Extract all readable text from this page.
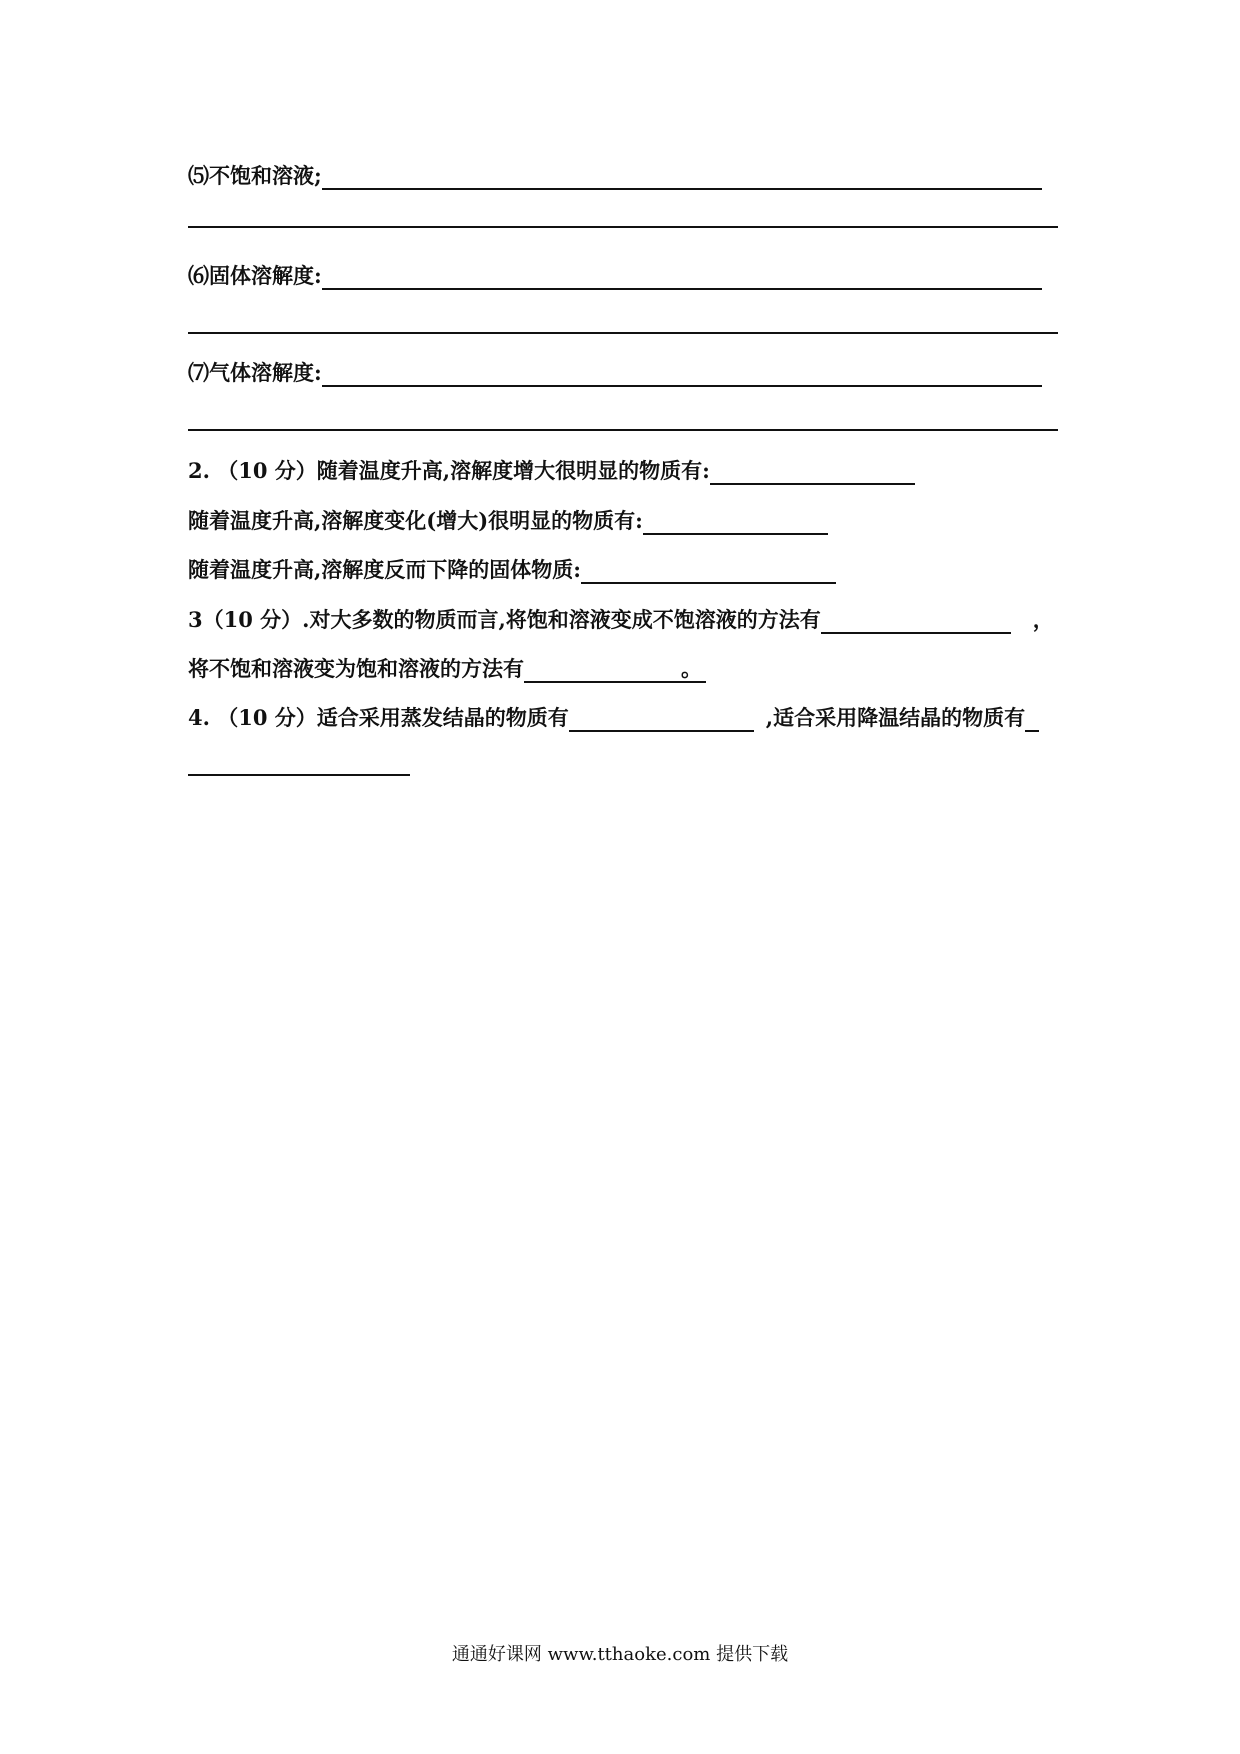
⑸不饱和溶液;
⑹固体溶解度:
⑺气体溶解度:
2. （10 分）随着温度升高,溶解度增大很明显的物质有:
随着温度升高,溶解度变化(增大)很明显的物质有:
随着温度升高,溶解度反而下降的固体物质:
3（10 分）.对大多数的物质而言,将饱和溶液变成不饱溶液的方法有	，
将不饱和溶液变为饱和溶液的方法有	。
4. （10 分）适合采用蒸发结晶的物质有	,适合采用降温结晶的物质有
通通好课网 www.tthaoke.com 提供下载
